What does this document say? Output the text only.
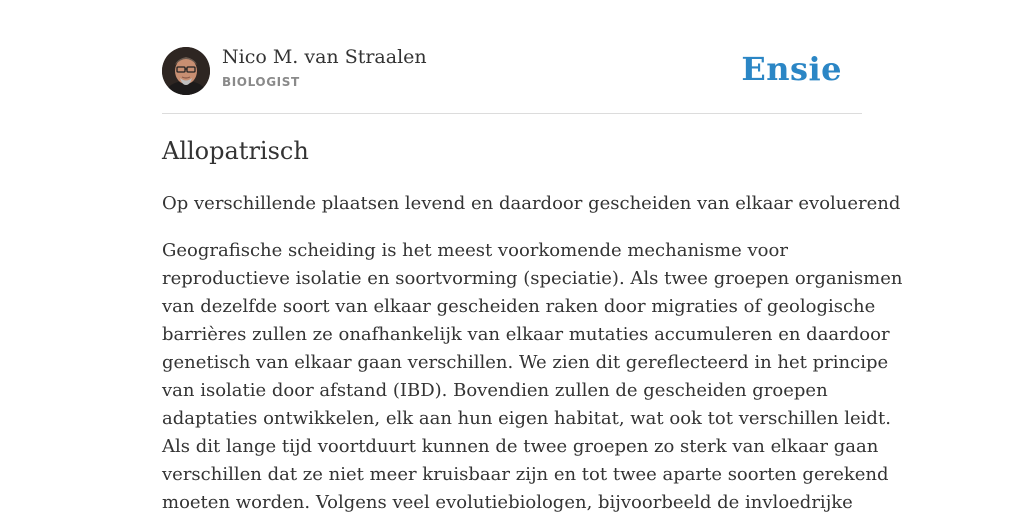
Nico M. van Straalen
BIOLOGIST	Ensie
Allopatrisch
Op verschillende plaatsen levend en daardoor gescheiden van elkaar evoluerend
Geografische scheiding is het meest voorkomende mechanisme voor
reproductieve isolatie en soortvorming (speciatie). Als twee groepen organismen
van dezelfde soort van elkaar gescheiden raken door migraties of geologische
barrières zullen ze onafhankelijk van elkaar mutaties accumuleren en daardoor
genetisch van elkaar gaan verschillen. We zien dit gereflecteerd in het principe
van isolatie door afstand (IBD). Bovendien zullen de gescheiden groepen
adaptaties ontwikkelen, elk aan hun eigen habitat, wat ook tot verschillen leidt.
Als dit lange tijd voortduurt kunnen de twee groepen zo sterk van elkaar gaan
verschillen dat ze niet meer kruisbaar zijn en tot twee aparte soorten gerekend
moeten worden. Volgens veel evolutiebiologen, bijvoorbeeld de invloedrijke
